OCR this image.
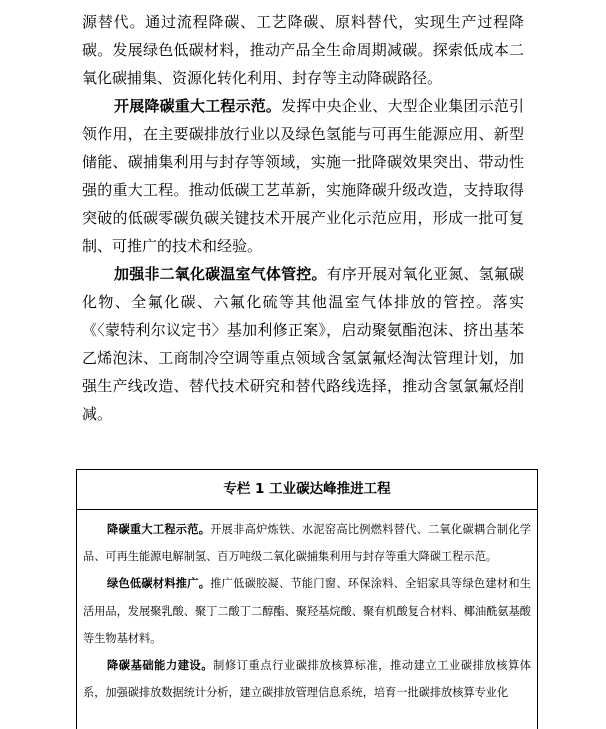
源替代。通过流程降碳、工艺降碳、原料替代，实现生产过程降碳。发展绿色低碳材料，推动产品全生命周期减碳。探索低成本二氧化碳捕集、资源化转化利用、封存等主动降碳路径。

开展降碳重大工程示范。发挥中央企业、大型企业集团示范引领作用，在主要碳排放行业以及绿色氢能与可再生能源应用、新型储能、碳捕集利用与封存等领域，实施一批降碳效果突出、带动性强的重大工程。推动低碳工艺革新，实施降碳升级改造，支持取得突破的低碳零碳负碳关键技术开展产业化示范应用，形成一批可复制、可推广的技术和经验。

加强非二氧化碳温室气体管控。有序开展对氧化亚氮、氢氟碳化物、全氟化碳、六氟化硫等其他温室气体排放的管控。落实《〈蒙特利尔议定书〉基加利修正案》，启动聚氨酯泡沫、挤出基苯乙烯泡沫、工商制冷空调等重点领域含氢氯氟烃淘汰管理计划，加强生产线改造、替代技术研究和替代路线选择，推动含氢氯氟烃削减。

专栏 1 工业碳达峰推进工程

降碳重大工程示范。开展非高炉炼铁、水泥窑高比例燃料替代、二氧化碳耦合制化学品、可再生能源电解制氢、百万吨级二氧化碳捕集利用与封存等重大降碳工程示范。

绿色低碳材料推广。推广低碳胶凝、节能门窗、环保涂料、全铝家具等绿色建材和生活用品，发展聚乳酸、聚丁二酸丁二醇酯、聚羟基烷酸、聚有机酸复合材料、椰油酰氨基酸等生物基材料。

降碳基础能力建设。制修订重点行业碳排放核算标准，推动建立工业碳排放核算体系，加强碳排放数据统计分析，建立碳排放管理信息系统，培育一批碳排放核算专业化
